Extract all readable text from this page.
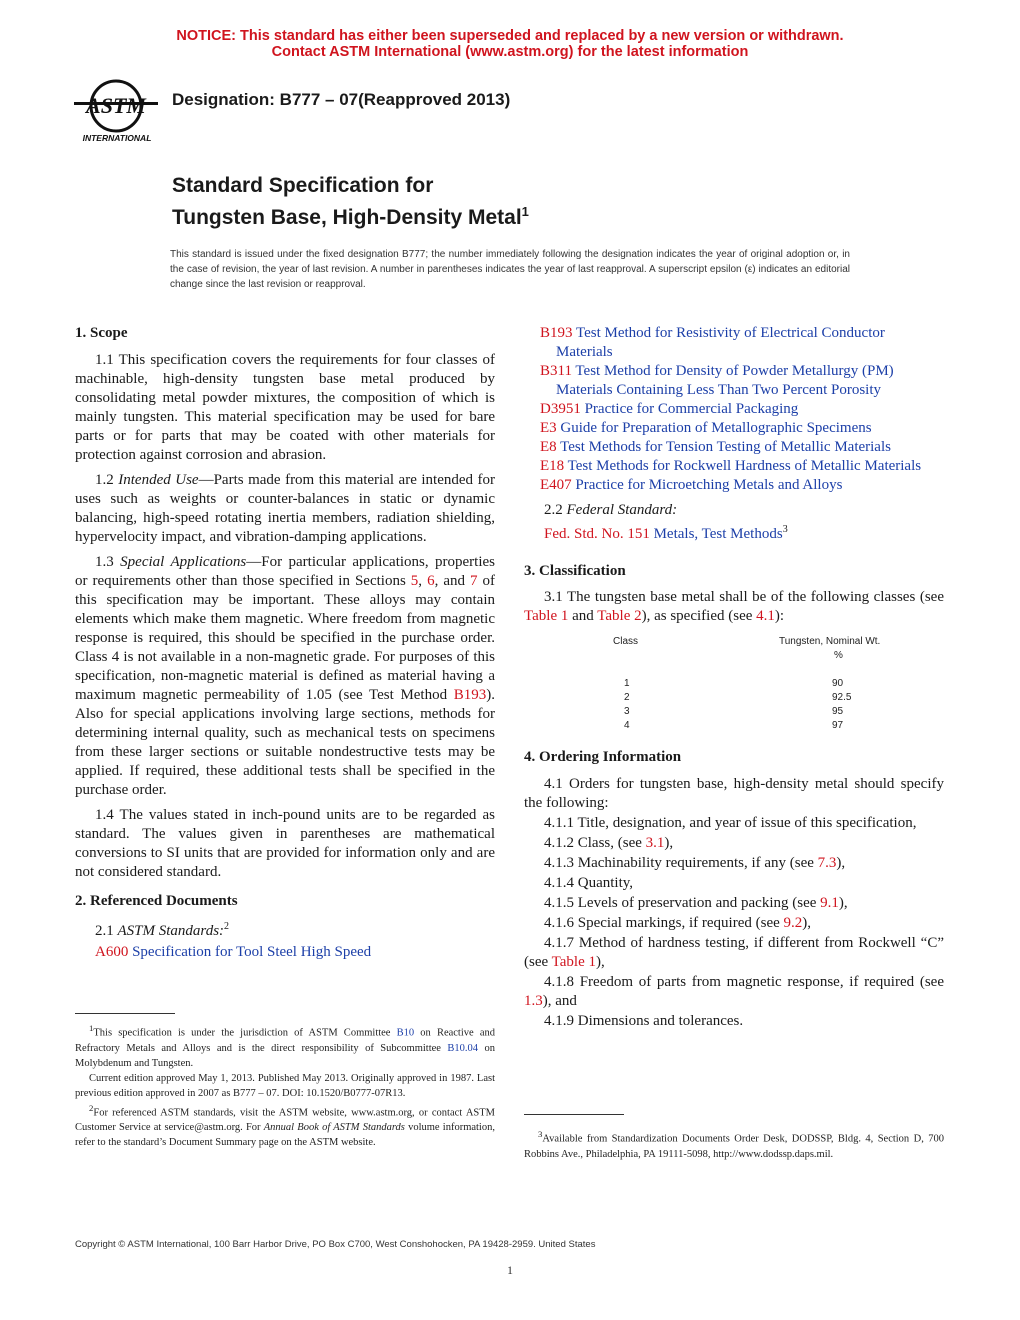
NOTICE: This standard has either been superseded and replaced by a new version or withdrawn.
Contact ASTM International (www.astm.org) for the latest information
ASTM
INTERNATIONAL
Designation: B777 – 07(Reapproved 2013)
Standard Specification for
Tungsten Base, High-Density Metal$^1$
This standard is issued under the fixed designation B777; the number immediately following the designation indicates the year of original adoption or, in the case of revision, the year of last revision. A number in parentheses indicates the year of last reapproval. A superscript epsilon (ε) indicates an editorial change since the last revision or reapproval.

1. Scope

1.1 This specification covers the requirements for four classes of machinable, high-density tungsten base metal produced by consolidating metal powder mixtures, the composition of which is mainly tungsten. This material specification may be used for bare parts or for parts that may be coated with other materials for protection against corrosion and abrasion.

1.2 Intended Use—Parts made from this material are intended for uses such as weights or counter-balances in static or dynamic balancing, high-speed rotating inertia members, radiation shielding, hypervelocity impact, and vibration-damping applications.

1.3 Special Applications—For particular applications, properties or requirements other than those specified in Sections 5, 6, and 7 of this specification may be important. These alloys may contain elements which make them magnetic. Where freedom from magnetic response is required, this should be specified in the purchase order. Class 4 is not available in a non-magnetic grade. For purposes of this specification, non-magnetic material is defined as material having a maximum magnetic permeability of 1.05 (see Test Method B193). Also for special applications involving large sections, methods for determining internal quality, such as mechanical tests on specimens from these larger sections or suitable nondestructive tests may be applied. If required, these additional tests shall be specified in the purchase order.

1.4 The values stated in inch-pound units are to be regarded as standard. The values given in parentheses are mathematical conversions to SI units that are provided for information only and are not considered standard.

2. Referenced Documents

2.1 ASTM Standards:$^2$

A600 Specification for Tool Steel High Speed

$^1$This specification is under the jurisdiction of ASTM Committee B10 on Reactive and Refractory Metals and Alloys and is the direct responsibility of Subcommittee B10.04 on Molybdenum and Tungsten.

Current edition approved May 1, 2013. Published May 2013. Originally approved in 1987. Last previous edition approved in 2007 as B777 – 07. DOI: 10.1520/B0777-07R13.

$^2$For referenced ASTM standards, visit the ASTM website, www.astm.org, or contact ASTM Customer Service at service@astm.org. For Annual Book of ASTM Standards volume information, refer to the standard’s Document Summary page on the ASTM website.

B193 Test Method for Resistivity of Electrical Conductor Materials

B311 Test Method for Density of Powder Metallurgy (PM) Materials Containing Less Than Two Percent Porosity

D3951 Practice for Commercial Packaging

E3 Guide for Preparation of Metallographic Specimens

E8 Test Methods for Tension Testing of Metallic Materials

E18 Test Methods for Rockwell Hardness of Metallic Materials

E407 Practice for Microetching Metals and Alloys

2.2 Federal Standard:

Fed. Std. No. 151 Metals, Test Methods$^3$

3. Classification

3.1 The tungsten base metal shall be of the following classes (see Table 1 and Table 2), as specified (see 4.1):

Class	Tungsten, Nominal Wt.
%
1	90
2	92.5
3	95
4	97

4. Ordering Information

4.1 Orders for tungsten base, high-density metal should specify the following:

4.1.1 Title, designation, and year of issue of this specification,

4.1.2 Class, (see 3.1),

4.1.3 Machinability requirements, if any (see 7.3),

4.1.4 Quantity,

4.1.5 Levels of preservation and packing (see 9.1),

4.1.6 Special markings, if required (see 9.2),

4.1.7 Method of hardness testing, if different from Rockwell “C” (see Table 1),

4.1.8 Freedom of parts from magnetic response, if required (see 1.3), and

4.1.9 Dimensions and tolerances.

$^3$Available from Standardization Documents Order Desk, DODSSP, Bldg. 4, Section D, 700 Robbins Ave., Philadelphia, PA 19111-5098, http://www.dodssp.daps.mil.

Copyright © ASTM International, 100 Barr Harbor Drive, PO Box C700, West Conshohocken, PA 19428-2959. United States
1
